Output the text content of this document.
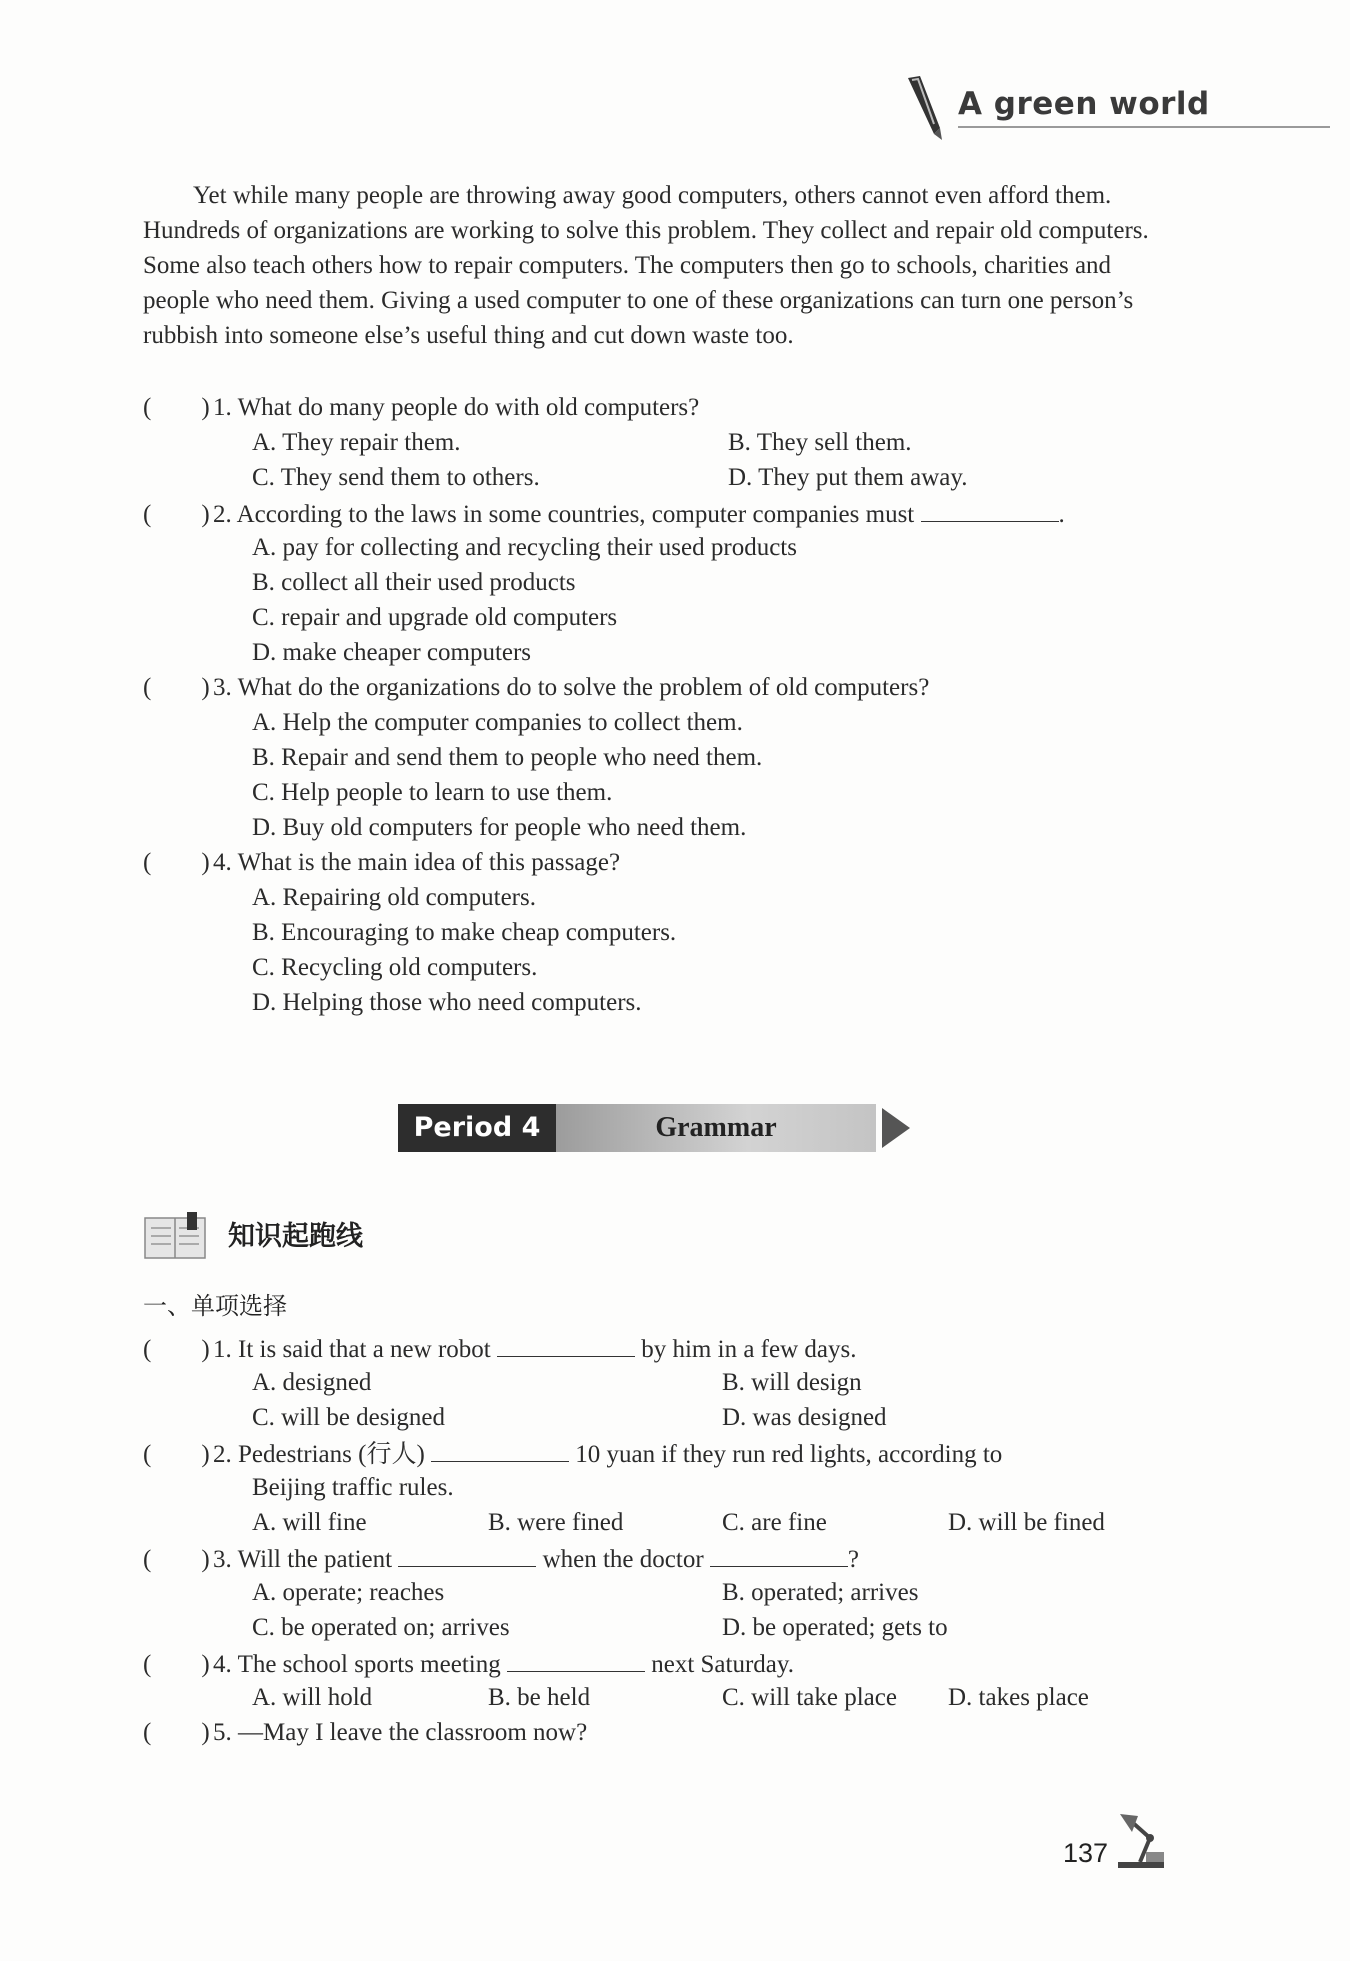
A green world

Yet while many people are throwing away good computers, others cannot even afford them. Hundreds of organizations are working to solve this problem. They collect and repair old computers. Some also teach others how to repair computers. The computers then go to schools, charities and people who need them. Giving a used computer to one of these organizations can turn one person’s rubbish into someone else’s useful thing and cut down waste too.

( ) 1. What do many people do with old computers?
A. They repair them.	B. They sell them.
C. They send them to others.	D. They put them away.
( ) 2. According to the laws in some countries, computer companies must	.
A. pay for collecting and recycling their used products
B. collect all their used products
C. repair and upgrade old computers
D. make cheaper computers
( ) 3. What do the organizations do to solve the problem of old computers?
A. Help the computer companies to collect them.
B. Repair and send them to people who need them.
C. Help people to learn to use them.
D. Buy old computers for people who need them.
( ) 4. What is the main idea of this passage?
A. Repairing old computers.
B. Encouraging to make cheap computers.
C. Recycling old computers.
D. Helping those who need computers.
Period 4	Grammar
知识起跑线
一、单项选择
( ) 1. It is said that a new robot	by him in a few days.
A. designed	B. will design
C. will be designed	D. was designed
( ) 2. Pedestrians (行人)	10 yuan if they run red lights, according to
Beijing traffic rules.
A. will fine	B. were fined	C. are fine	D. will be fined
( ) 3. Will the patient	when the doctor	?
A. operate; reaches	B. operated; arrives
C. be operated on; arrives	D. be operated; gets to
( ) 4. The school sports meeting	next Saturday.
A. will hold	B. be held	C. will take place D. takes place
( ) 5. —May I leave the classroom now?
137
